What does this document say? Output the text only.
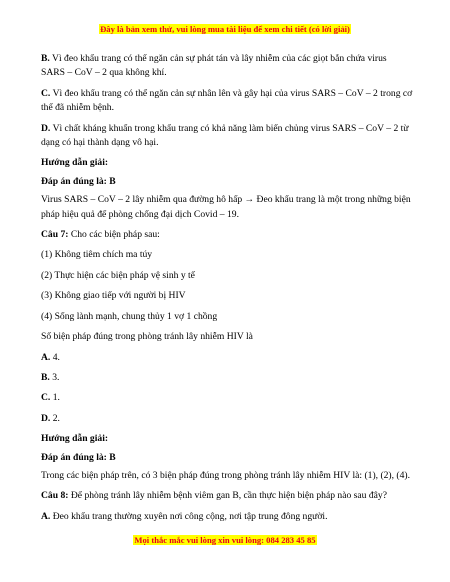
Đây là bản xem thử, vui lòng mua tài liệu để xem chi tiết (có lời giải)

B. Vì đeo khẩu trang có thể ngăn cản sự phát tán và lây nhiễm của các giọt bắn chứa virus SARS – CoV – 2 qua không khí.

C. Vì đeo khẩu trang có thể ngăn cản sự nhân lên và gây hại của virus SARS – CoV – 2 trong cơ thể đã nhiễm bệnh.

D. Vì chất kháng khuẩn trong khẩu trang có khả năng làm biến chủng virus SARS – CoV – 2 từ dạng có hại thành dạng vô hại.

Hướng dẫn giải:

Đáp án đúng là: B

Virus SARS – CoV – 2 lây nhiễm qua đường hô hấp → Đeo khẩu trang là một trong những biện pháp hiệu quả để phòng chống đại dịch Covid – 19.

Câu 7: Cho các biện pháp sau:

(1) Không tiêm chích ma túy

(2) Thực hiện các biện pháp vệ sinh y tế

(3) Không giao tiếp với người bị HIV

(4) Sống lành mạnh, chung thủy 1 vợ 1 chồng

Số biện pháp đúng trong phòng tránh lây nhiễm HIV là

A. 4.

B. 3.

C. 1.

D. 2.

Hướng dẫn giải:

Đáp án đúng là: B

Trong các biện pháp trên, có 3 biện pháp đúng trong phòng tránh lây nhiễm HIV là: (1), (2), (4).

Câu 8: Để phòng tránh lây nhiễm bệnh viêm gan B, cần thực hiện biện pháp nào sau đây?

A. Đeo khẩu trang thường xuyên nơi công cộng, nơi tập trung đông người.

Mọi thắc mắc vui lòng xin vui lòng: 084 283 45 85
